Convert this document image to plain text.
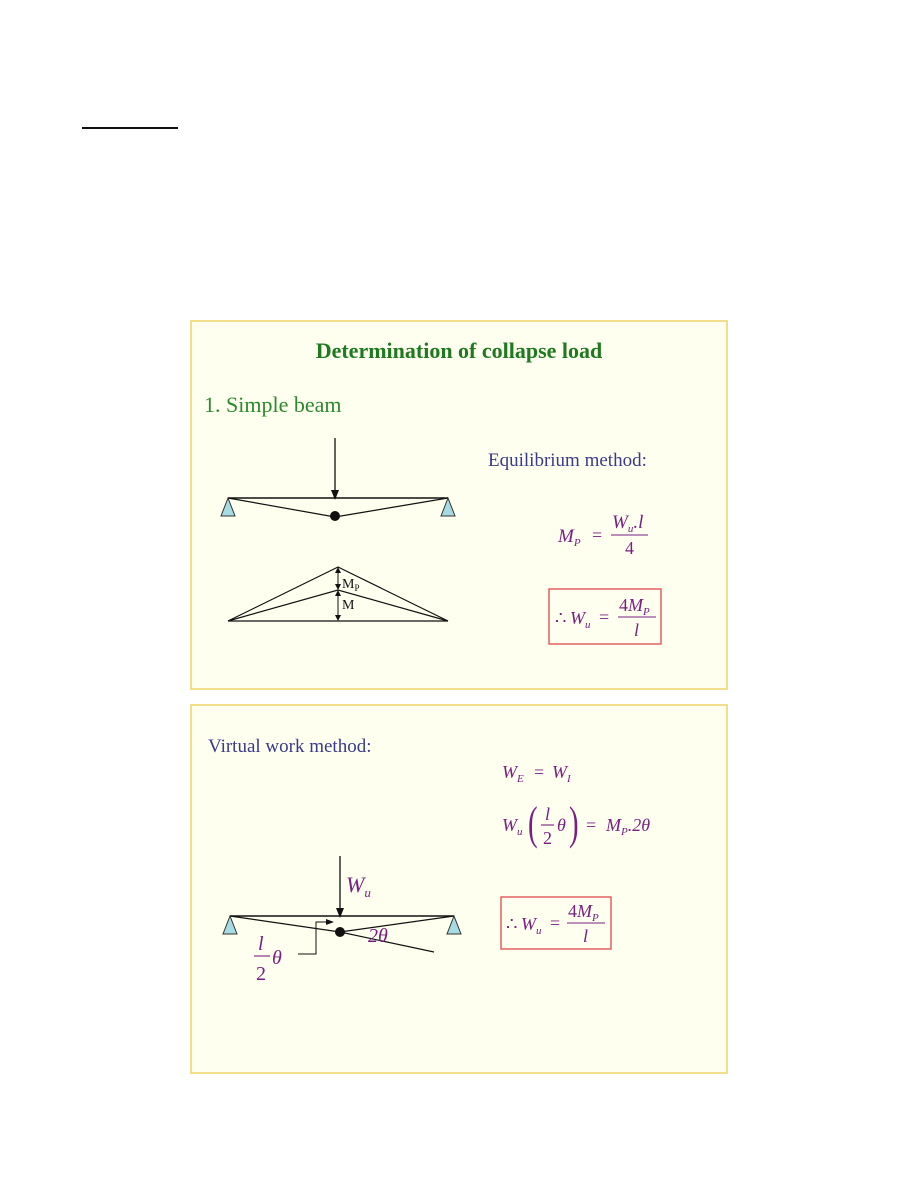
Determination of collapse load
1. Simple beam
Equilibrium method:
$M_P$
M
$M_P$ =
$W_u.l$
4
∴ $W_u$ =
$4M_P$
l
Virtual work method:
$W_E = W_I$
$W_u$ ( l
2
θ ) = $M_P.2\theta$
$W_u$
2θ
l
2
θ
∴ $W_u$ =
$4M_P$
l
